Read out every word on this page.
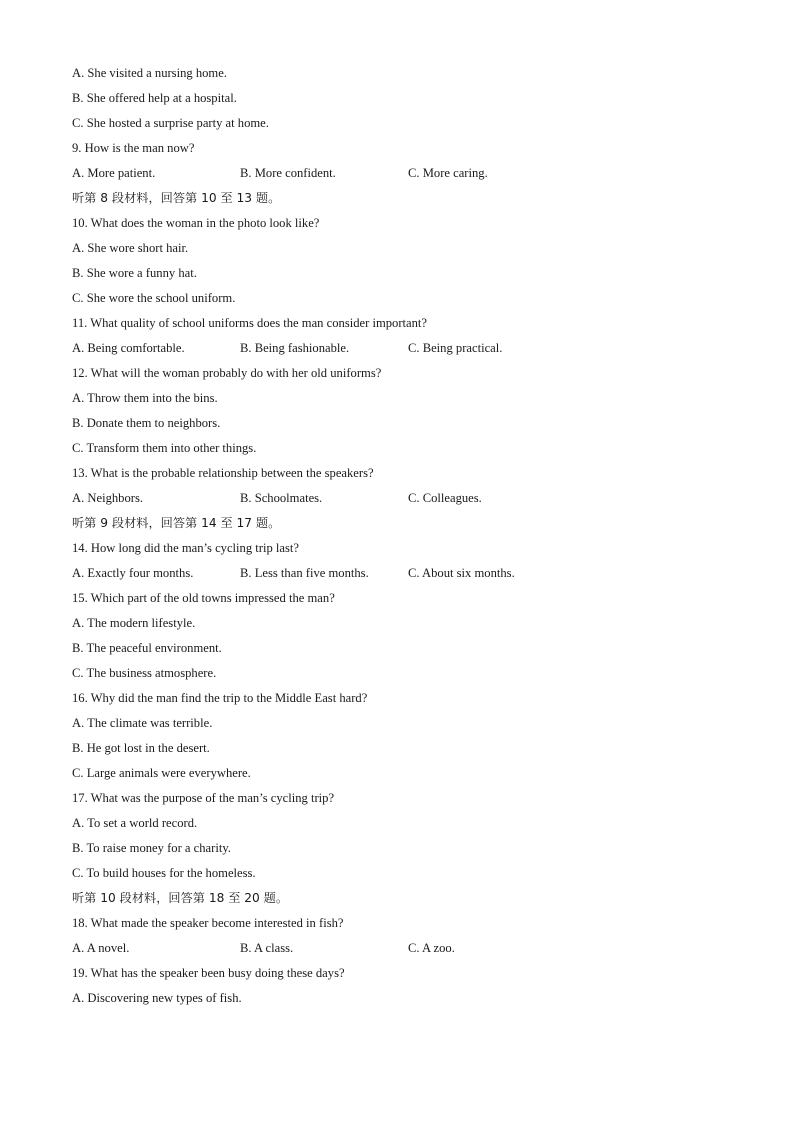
A. She visited a nursing home.
B. She offered help at a hospital.
C. She hosted a surprise party at home.
9. How is the man now?
A. More patient.	B. More confident.	C. More caring.
听第 8 段材料，回答第 10 至 13 题。
10. What does the woman in the photo look like?
A. She wore short hair.
B. She wore a funny hat.
C. She wore the school uniform.
11. What quality of school uniforms does the man consider important?
A. Being comfortable.	B. Being fashionable.	C. Being practical.
12. What will the woman probably do with her old uniforms?
A. Throw them into the bins.
B. Donate them to neighbors.
C. Transform them into other things.
13. What is the probable relationship between the speakers?
A. Neighbors.	B. Schoolmates.	C. Colleagues.
听第 9 段材料，回答第 14 至 17 题。
14. How long did the man’s cycling trip last?
A. Exactly four months.	B. Less than five months.	C. About six months.
15. Which part of the old towns impressed the man?
A. The modern lifestyle.
B. The peaceful environment.
C. The business atmosphere.
16. Why did the man find the trip to the Middle East hard?
A. The climate was terrible.
B. He got lost in the desert.
C. Large animals were everywhere.
17. What was the purpose of the man’s cycling trip?
A. To set a world record.
B. To raise money for a charity.
C. To build houses for the homeless.
听第 10 段材料，回答第 18 至 20 题。
18. What made the speaker become interested in fish?
A. A novel.	B. A class.	C. A zoo.
19. What has the speaker been busy doing these days?
A. Discovering new types of fish.
